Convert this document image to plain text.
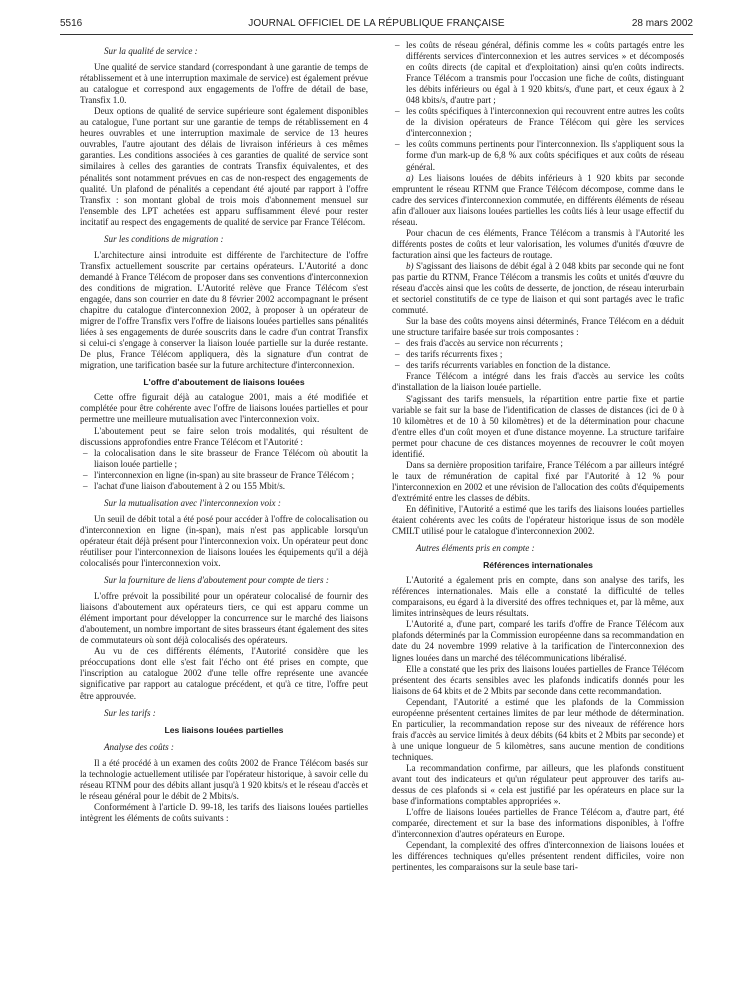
5516	JOURNAL OFFICIEL DE LA RÉPUBLIQUE FRANÇAISE	28 mars 2002

Sur la qualité de service :

Une qualité de service standard (correspondant à une garantie de temps de rétablissement et à une interruption maximale de service) est également prévue au catalogue et correspond aux engagements de l'offre de détail de base, Transfix 1.0.

Deux options de qualité de service supérieure sont également disponibles au catalogue, l'une portant sur une garantie de temps de rétablissement en 4 heures ouvrables et une interruption maximale de service de 13 heures ouvrables, l'autre ajoutant des délais de livraison inférieurs à ces mêmes garanties. Les conditions associées à ces garanties de qualité de service sont similaires à celles des garanties de contrats Transfix équivalentes, et des pénalités sont notamment prévues en cas de non-respect des engagements de qualité. Un plafond de pénalités a cependant été ajouté par rapport à l'offre Transfix : son montant global de trois mois d'abonnement mensuel sur l'ensemble des LPT achetées est apparu suffisamment élevé pour rester incitatif au respect des engagements de qualité de service par France Télécom.

Sur les conditions de migration :

L'architecture ainsi introduite est différente de l'architecture de l'offre Transfix actuellement souscrite par certains opérateurs. L'Autorité a donc demandé à France Télécom de proposer dans ses conventions d'interconnexion des conditions de migration. L'Autorité relève que France Télécom s'est engagée, dans son courrier en date du 8 février 2002 accompagnant le présent chapitre du catalogue d'interconnexion 2002, à proposer à un opérateur de migrer de l'offre Transfix vers l'offre de liaisons louées partielles sans pénalités liées à ses engagements de durée souscrits dans le cadre d'un contrat Transfix si celui-ci s'engage à conserver la liaison louée partielle sur la durée restante. De plus, France Télécom appliquera, dès la signature d'un contrat de migration, une tarification basée sur la future architecture d'interconnexion.

L'offre d'aboutement de liaisons louées

Cette offre figurait déjà au catalogue 2001, mais a été modifiée et complétée pour être cohérente avec l'offre de liaisons louées partielles et pour permettre une meilleure mutualisation avec l'interconnexion voix.

L'aboutement peut se faire selon trois modalités, qui résultent de discussions approfondies entre France Télécom et l'Autorité :

– la colocalisation dans le site brasseur de France Télécom où aboutit la liaison louée partielle ;
– l'interconnexion en ligne (in-span) au site brasseur de France Télécom ;
– l'achat d'une liaison d'aboutement à 2 ou 155 Mbit/s.

Sur la mutualisation avec l'interconnexion voix :

Un seuil de débit total a été posé pour accéder à l'offre de colocalisation ou d'interconnexion en ligne (in-span), mais n'est pas applicable lorsqu'un opérateur était déjà présent pour l'interconnexion voix. Un opérateur peut donc réutiliser pour l'interconnexion de liaisons louées les équipements qu'il a déjà colocalisés pour l'interconnexion voix.

Sur la fourniture de liens d'aboutement pour compte de tiers :

L'offre prévoit la possibilité pour un opérateur colocalisé de fournir des liaisons d'aboutement aux opérateurs tiers, ce qui est apparu comme un élément important pour développer la concurrence sur le marché des liaisons d'aboutement, un nombre important de sites brasseurs étant également des sites de commutateurs où sont déjà colocalisés des opérateurs.

Au vu de ces différents éléments, l'Autorité considère que les préoccupations dont elle s'est fait l'écho ont été prises en compte, que l'inscription au catalogue 2002 d'une telle offre représente une avancée significative par rapport au catalogue précédent, et qu'à ce titre, l'offre peut être approuvée.

Sur les tarifs :

Les liaisons louées partielles

Analyse des coûts :

Il a été procédé à un examen des coûts 2002 de France Télécom basés sur la technologie actuellement utilisée par l'opérateur historique, à savoir celle du réseau RTNM pour des débits allant jusqu'à 1 920 kbits/s et le réseau d'accès et le réseau général pour le débit de 2 Mbits/s.

Conformément à l'article D. 99-18, les tarifs des liaisons louées partielles intègrent les éléments de coûts suivants :

– les coûts de réseau général, définis comme les « coûts partagés entre les différents services d'interconnexion et les autres services » et décomposés en coûts directs (de capital et d'exploitation) ainsi qu'en coûts indirects. France Télécom a transmis pour l'occasion une fiche de coûts, distinguant les débits inférieurs ou égal à 1 920 kbits/s, d'une part, et ceux égaux à 2 048 kbits/s, d'autre part ;
– les coûts spécifiques à l'interconnexion qui recouvrent entre autres les coûts de la division opérateurs de France Télécom qui gère les services d'interconnexion ;
– les coûts communs pertinents pour l'interconnexion. Ils s'appliquent sous la forme d'un mark-up de 6,8 % aux coûts spécifiques et aux coûts de réseau général.

a) Les liaisons louées de débits inférieurs à 1 920 kbits par seconde empruntent le réseau RTNM que France Télécom décompose, comme dans le cadre des services d'interconnexion commutée, en différents éléments de réseau afin d'allouer aux liaisons louées partielles les coûts liés à leur usage effectif du réseau.

Pour chacun de ces éléments, France Télécom a transmis à l'Autorité les différents postes de coûts et leur valorisation, les volumes d'unités d'œuvre de facturation ainsi que les facteurs de routage.

b) S'agissant des liaisons de débit égal à 2 048 kbits par seconde qui ne font pas partie du RTNM, France Télécom a transmis les coûts et unités d'œuvre du réseau d'accès ainsi que les coûts de desserte, de jonction, de réseau interurbain et sectoriel constitutifs de ce type de liaison et qui sont partagés avec le trafic commuté.

Sur la base des coûts moyens ainsi déterminés, France Télécom en a déduit une structure tarifaire basée sur trois composantes :

– des frais d'accès au service non récurrents ;
– des tarifs récurrents fixes ;
– des tarifs récurrents variables en fonction de la distance.

France Télécom a intégré dans les frais d'accès au service les coûts d'installation de la liaison louée partielle.

S'agissant des tarifs mensuels, la répartition entre partie fixe et partie variable se fait sur la base de l'identification de classes de distances (ici de 0 à 10 kilomètres et de 10 à 50 kilomètres) et de la détermination pour chacune d'entre elles d'un coût moyen et d'une distance moyenne. La structure tarifaire permet pour chacune de ces distances moyennes de recouvrer le coût moyen identifié.

Dans sa dernière proposition tarifaire, France Télécom a par ailleurs intégré le taux de rémunération de capital fixé par l'Autorité à 12 % pour l'interconnexion en 2002 et une révision de l'allocation des coûts d'équipements d'extrémité entre les classes de débits.

En définitive, l'Autorité a estimé que les tarifs des liaisons louées partielles étaient cohérents avec les coûts de l'opérateur historique issus de son modèle CMILT utilisé pour le catalogue d'interconnexion 2002.

Autres éléments pris en compte :

Références internationales

L'Autorité a également pris en compte, dans son analyse des tarifs, les références internationales. Mais elle a constaté la difficulté de telles comparaisons, eu égard à la diversité des offres techniques et, par là même, aux limites intrinsèques de leurs résultats.

L'Autorité a, d'une part, comparé les tarifs d'offre de France Télécom aux plafonds déterminés par la Commission européenne dans sa recommandation en date du 24 novembre 1999 relative à la tarification de l'interconnexion des lignes louées dans un marché des télécommunications libéralisé.

Elle a constaté que les prix des liaisons louées partielles de France Télécom présentent des écarts sensibles avec les plafonds indicatifs donnés pour les liaisons de 64 kbits et de 2 Mbits par seconde dans cette recommandation.

Cependant, l'Autorité a estimé que les plafonds de la Commission européenne présentent certaines limites de par leur méthode de détermination. En particulier, la recommandation repose sur des niveaux de référence hors frais d'accès au service limités à deux débits (64 kbits et 2 Mbits par seconde) et à une unique longueur de 5 kilomètres, sans aucune mention de conditions techniques.

La recommandation confirme, par ailleurs, que les plafonds constituent avant tout des indicateurs et qu'un régulateur peut approuver des tarifs au-dessus de ces plafonds si « cela est justifié par les opérateurs en place sur la base d'informations comptables appropriées ».

L'offre de liaisons louées partielles de France Télécom a, d'autre part, été comparée, directement et sur la base des informations disponibles, à l'offre d'interconnexion d'autres opérateurs en Europe.

Cependant, la complexité des offres d'interconnexion de liaisons louées et les différences techniques qu'elles présentent rendent difficiles, voire non pertinentes, les comparaisons sur la seule base tari-
